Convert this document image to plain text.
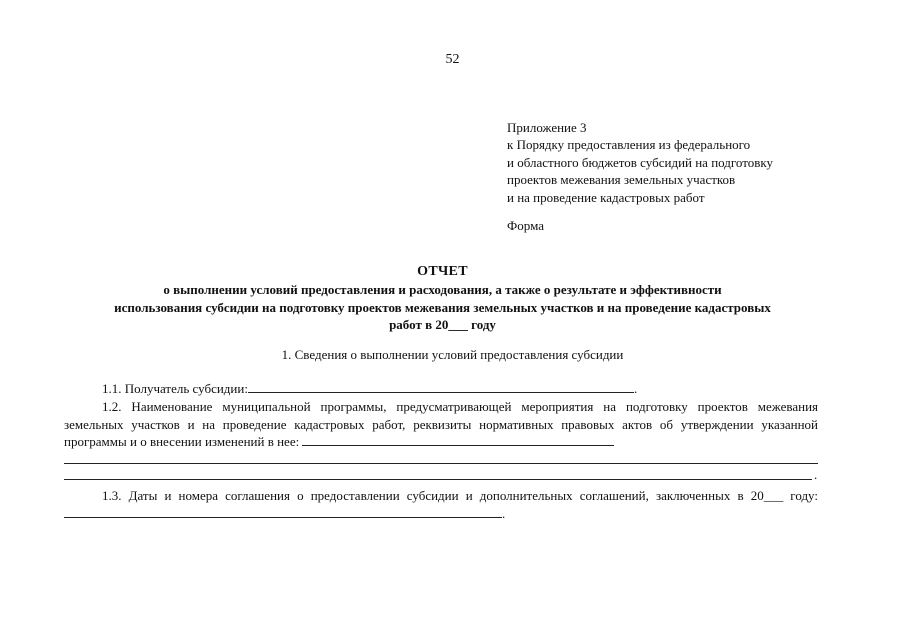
52
Приложение 3
к Порядку предоставления из федерального
и областного бюджетов субсидий на подготовку
проектов межевания земельных участков
и на проведение кадастровых работ
Форма
ОТЧЕТ
о выполнении условий предоставления и расходования, а также о результате и эффективности
использования субсидии на подготовку проектов межевания земельных участков и на проведение кадастровых
работ в 20___ году
1. Сведения о выполнении условий предоставления субсидии
1.1. Получатель субсидии:	.
1.2. Наименование муниципальной программы, предусматривающей мероприятия на подготовку проектов межевания земельных участков и на проведение кадастровых работ, реквизиты нормативных правовых актов об утверждении указанной программы и о внесении изменений в нее:
.
1.3. Даты и номера соглашения о предоставлении субсидии и дополнительных соглашений, заключенных в 20___ году: .
